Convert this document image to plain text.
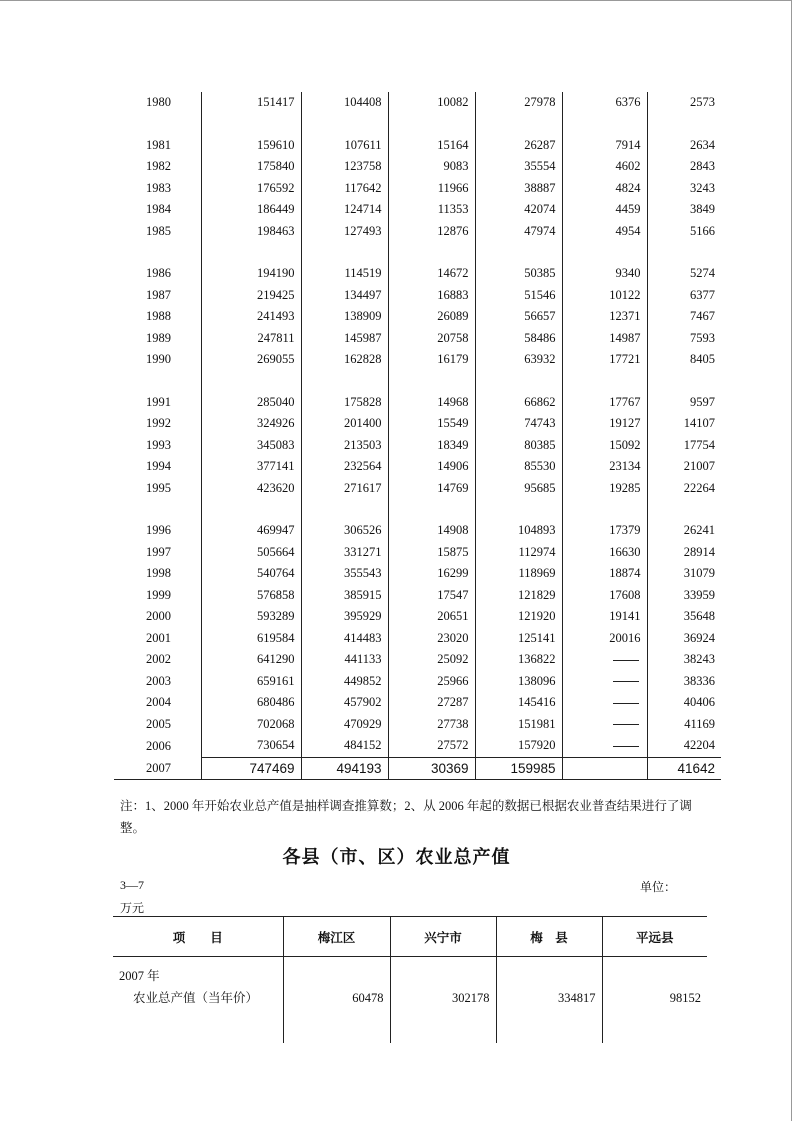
1980	151417	104408	10082	27978	6376	2573

1981	159610	107611	15164	26287	7914	2634
1982	175840	123758	9083	35554	4602	2843
1983	176592	117642	11966	38887	4824	3243
1984	186449	124714	11353	42074	4459	3849
1985	198463	127493	12876	47974	4954	5166

1986	194190	114519	14672	50385	9340	5274
1987	219425	134497	16883	51546	10122	6377
1988	241493	138909	26089	56657	12371	7467
1989	247811	145987	20758	58486	14987	7593
1990	269055	162828	16179	63932	17721	8405

1991	285040	175828	14968	66862	17767	9597
1992	324926	201400	15549	74743	19127	14107
1993	345083	213503	18349	80385	15092	17754
1994	377141	232564	14906	85530	23134	21007
1995	423620	271617	14769	95685	19285	22264

1996	469947	306526	14908	104893	17379	26241
1997	505664	331271	15875	112974	16630	28914
1998	540764	355543	16299	118969	18874	31079
1999	576858	385915	17547	121829	17608	33959
2000	593289	395929	20651	121920	19141	35648
2001	619584	414483	23020	125141	20016	36924
2002	641290	441133	25092	136822		38243
2003	659161	449852	25966	138096		38336
2004	680486	457902	27287	145416		40406
2005	702068	470929	27738	151981		41169
2006	730654	484152	27572	157920		42204
2007	747469	494193	30369	159985		41642
注：1、2000 年开始农业总产值是抽样调查推算数；2、从 2006 年起的数据已根据农业普查结果进行了调整。
各县（市、区）农业总产值
3—7	单位：
万元
项　　目	梅江区	兴宁市	梅　县	平远县
2007 年
农业总产值（当年价）	60478	302178	334817	98152
